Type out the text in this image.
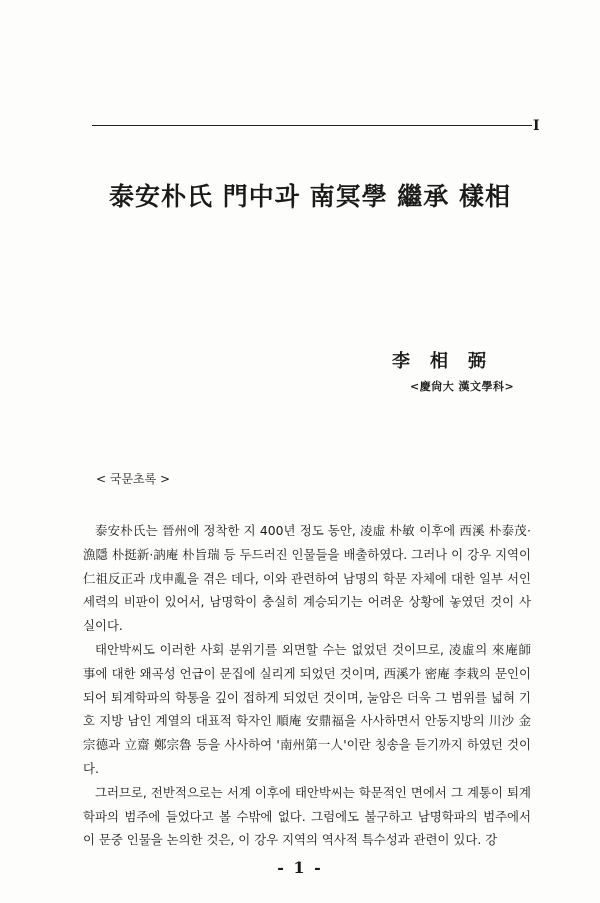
I
泰安朴氏 門中과 南冥學 繼承 樣相
李相弼
<慶尙大 漢文學科>
< 국문초록 >

泰安朴氏는 晉州에 정착한 지 400년 정도 동안, 凌虛 朴敏 이후에 西溪 朴泰茂·漁隱 朴挺新·訥庵 朴旨瑞 등 두드러진 인물들을 배출하였다. 그러나 이 강우 지역이 仁祖反正과 戊申亂을 겪은 데다, 이와 관련하여 남명의 학문 자체에 대한 일부 서인 세력의 비판이 있어서, 남명학이 충실히 계승되기는 어려운 상황에 놓였던 것이 사실이다.

태안박씨도 이러한 사회 분위기를 외면할 수는 없었던 것이므로, 凌虛의 來庵師事에 대한 왜곡성 언급이 문집에 실리게 되었던 것이며, 西溪가 密庵 李栽의 문인이 되어 퇴계학파의 학통을 깊이 접하게 되었던 것이며, 눌암은 더욱 그 범위를 넓혀 기호 지방 남인 계열의 대표적 학자인 順庵 安鼎福을 사사하면서 안동지방의 川沙 金宗德과 立齋 鄭宗魯 등을 사사하여 '南州第一人'이란 칭송을 듣기까지 하였던 것이다.

그러므로, 전반적으로는 서계 이후에 태안박씨는 학문적인 면에서 그 계통이 퇴계학파의 범주에 들었다고 볼 수밖에 없다. 그럼에도 불구하고 남명학파의 범주에서 이 문중 인물을 논의한 것은, 이 강우 지역의 역사적 특수성과 관련이 있다. 강

- 1 -
